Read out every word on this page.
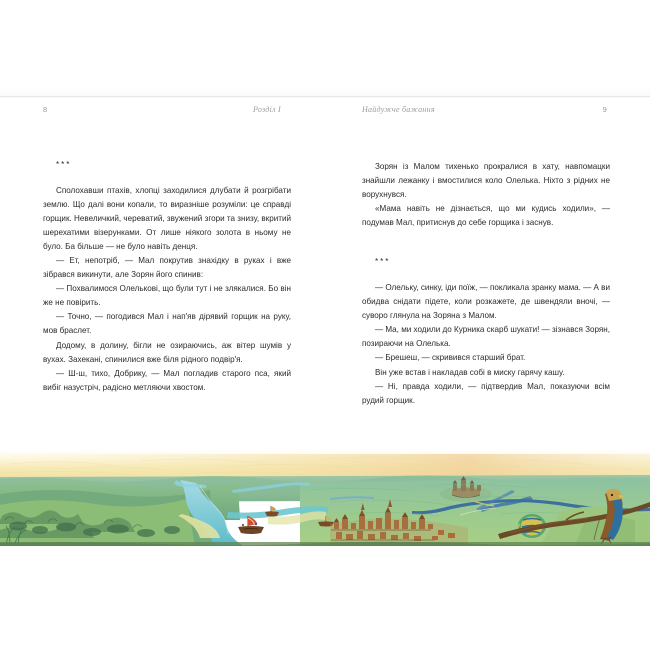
8	Розділ I	Найдужче бажання	9
***

Сполохавши птахів, хлопці заходилися длубати й розгрібати землю. Що далі вони копали, то виразніше розуміли: це справді горщик. Невеличкий, череватий, звужений згори та знизу, вкритий шерехатими візерунками. От лише ніякого золота в ньому не було. Ба більше — не було навіть денця.

— Ет, непотріб, — Мал покрутив знахідку в руках і вже зібрався викинути, але Зорян його спинив:

— Похвалимося Олелькові, що були тут і не злякалися. Бо він же не повірить.

— Точно, — погодився Мал і нап'яв дірявий горщик на руку, мов браслет.

Додому, в долину, бігли не озираючись, аж вітер шумів у вухах. Захекані, спинилися вже біля рідного подвір'я.

— Ш-ш, тихо, Добрику, — Мал погладив старого пса, який вибіг назустріч, радісно метляючи хвостом.

Зорян із Малом тихенько прокралися в хату, навпомацки знайшли лежанку і вмостилися коло Олелька. Ніхто з рідних не ворухнувся.

«Мама навіть не дізнається, що ми кудись ходили», — подумав Мал, притиснув до себе горщика і заснув.

***

— Олельку, синку, іди поїж, — покликала зранку мама. — А ви обидва снідати підете, коли розкажете, де швендяли вночі, — суворо глянула на Зоряна з Малом.

— Ма, ми ходили до Курника скарб шукати! — зізнався Зорян, позираючи на Олелька.

— Брешеш, — скривився старший брат.

Він уже встав і накладав собі в миску гарячу кашу.

— Ні, правда ходили, — підтвердив Мал, показуючи всім рудий горщик.
